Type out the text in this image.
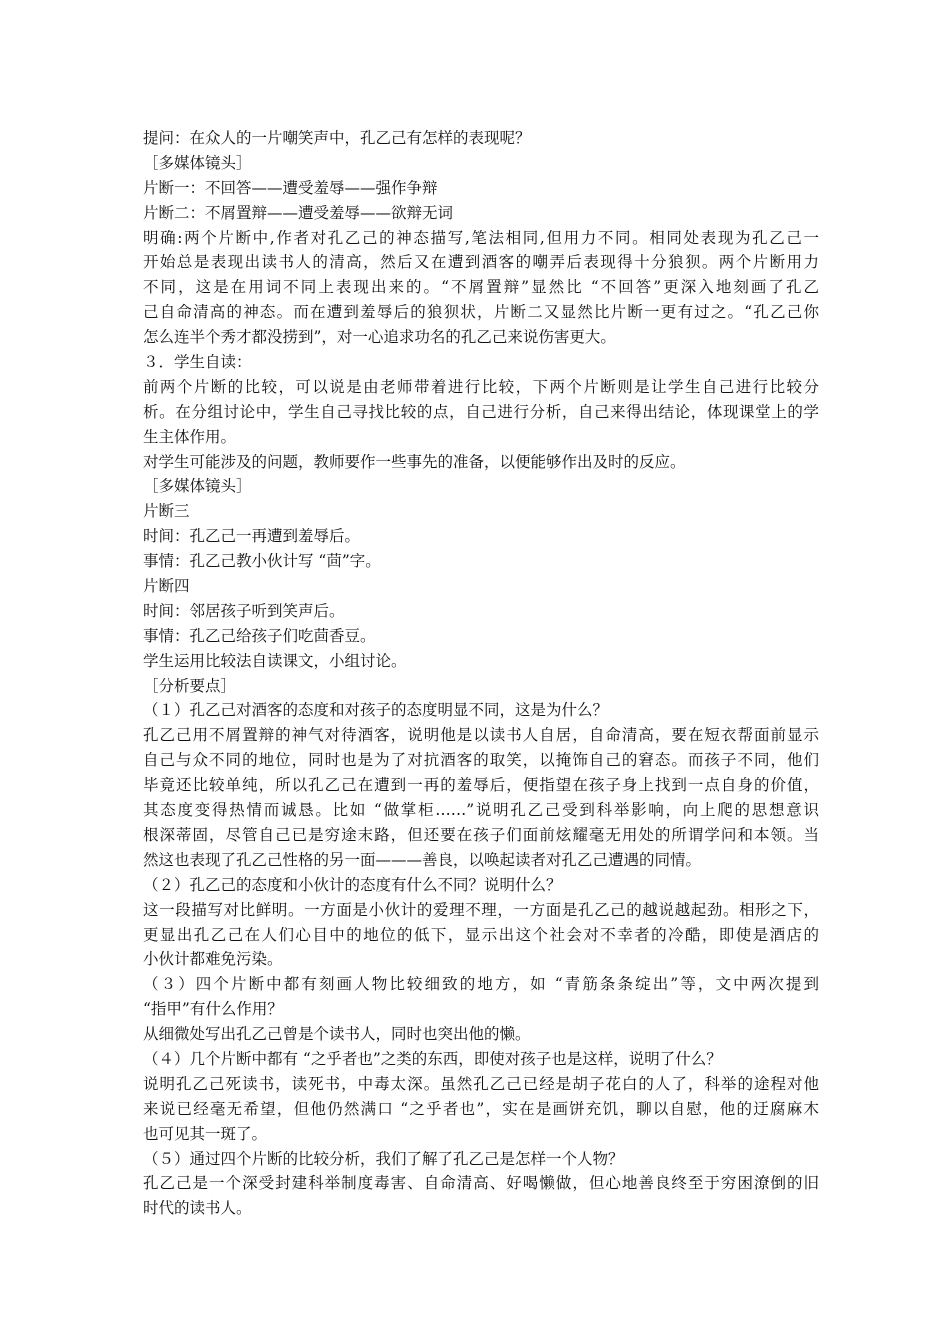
提问：在众人的一片嘲笑声中，孔乙己有怎样的表现呢？
［多媒体镜头］
片断一：不回答——遭受羞辱——强作争辩
片断二：不屑置辩——遭受羞辱——欲辩无词
明确:两个片断中,作者对孔乙己的神态描写,笔法相同,但用力不同。相同处表现为孔乙己一
开始总是表现出读书人的清高，然后又在遭到酒客的嘲弄后表现得十分狼狈。两个片断用力
不同，这是在用词不同上表现出来的。“不屑置辩”显然比 “不回答”更深入地刻画了孔乙
己自命清高的神态。而在遭到羞辱后的狼狈状，片断二又显然比片断一更有过之。“孔乙己你
怎么连半个秀才都没捞到”，对一心追求功名的孔乙己来说伤害更大。
３．学生自读：
前两个片断的比较，可以说是由老师带着进行比较，下两个片断则是让学生自己进行比较分
析。在分组讨论中，学生自己寻找比较的点，自己进行分析，自己来得出结论，体现课堂上的学
生主体作用。
对学生可能涉及的问题，教师要作一些事先的准备，以便能够作出及时的反应。
［多媒体镜头］
片断三
时间：孔乙己一再遭到羞辱后。
事情：孔乙己教小伙计写 “茴”字。
片断四
时间：邻居孩子听到笑声后。
事情：孔乙己给孩子们吃茴香豆。
学生运用比较法自读课文，小组讨论。
［分析要点］
（１）孔乙己对酒客的态度和对孩子的态度明显不同，这是为什么？
孔乙己用不屑置辩的神气对待酒客，说明他是以读书人自居，自命清高，要在短衣帮面前显示
自己与众不同的地位，同时也是为了对抗酒客的取笑，以掩饰自己的窘态。而孩子不同，他们
毕竟还比较单纯，所以孔乙己在遭到一再的羞辱后，便指望在孩子身上找到一点自身的价值，
其态度变得热情而诚恳。比如 “做掌柜……”说明孔乙己受到科举影响，向上爬的思想意识
根深蒂固，尽管自己已是穷途末路，但还要在孩子们面前炫耀毫无用处的所谓学问和本领。当
然这也表现了孔乙己性格的另一面———善良，以唤起读者对孔乙己遭遇的同情。
（２）孔乙己的态度和小伙计的态度有什么不同？说明什么？
这一段描写对比鲜明。一方面是小伙计的爱理不理，一方面是孔乙己的越说越起劲。相形之下，
更显出孔乙己在人们心目中的地位的低下，显示出这个社会对不幸者的冷酷，即使是酒店的
小伙计都难免污染。
（３）四个片断中都有刻画人物比较细致的地方，如 “青筋条条绽出”等，文中两次提到
“指甲”有什么作用？
从细微处写出孔乙己曾是个读书人，同时也突出他的懒。
（４）几个片断中都有 “之乎者也”之类的东西，即使对孩子也是这样，说明了什么？
说明孔乙己死读书，读死书，中毒太深。虽然孔乙己已经是胡子花白的人了，科举的途程对他
来说已经毫无希望，但他仍然满口 “之乎者也”，实在是画饼充饥，聊以自慰，他的迂腐麻木
也可见其一斑了。
（５）通过四个片断的比较分析，我们了解了孔乙己是怎样一个人物？
孔乙己是一个深受封建科举制度毒害、自命清高、好喝懒做，但心地善良终至于穷困潦倒的旧
时代的读书人。
